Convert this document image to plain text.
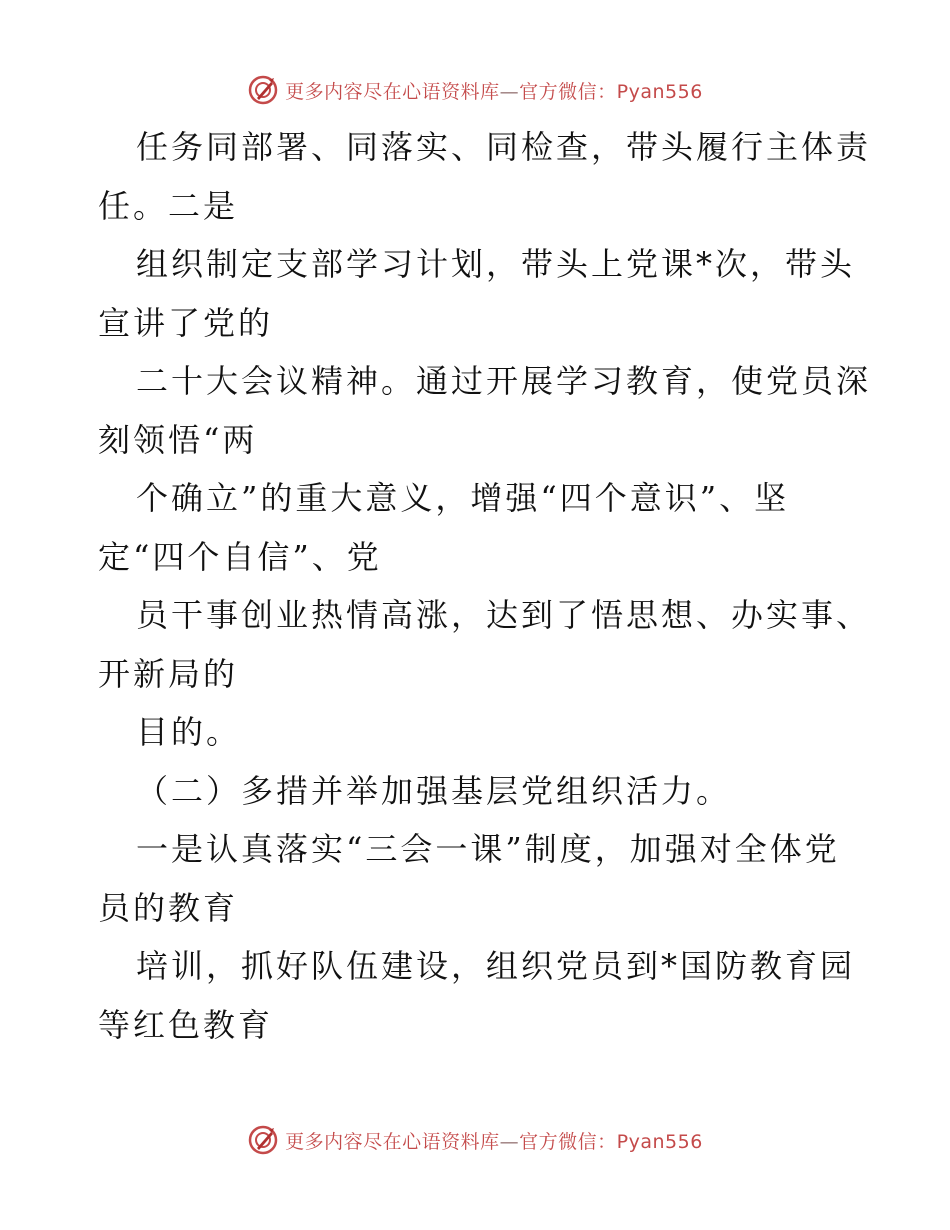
更多内容尽在心语资料库—官方微信：Pyan556
任务同部署、同落实、同检查，带头履行主体责
任。二是
组织制定支部学习计划，带头上党课*次，带头
宣讲了党的
二十大会议精神。通过开展学习教育，使党员深
刻领悟“两
个确立”的重大意义，增强“四个意识”、坚
定“四个自信”、党
员干事创业热情高涨，达到了悟思想、办实事、
开新局的
目的。
（二）多措并举加强基层党组织活力。
一是认真落实“三会一课”制度，加强对全体党
员的教育
培训，抓好队伍建设，组织党员到*国防教育园
等红色教育
更多内容尽在心语资料库—官方微信：Pyan556
